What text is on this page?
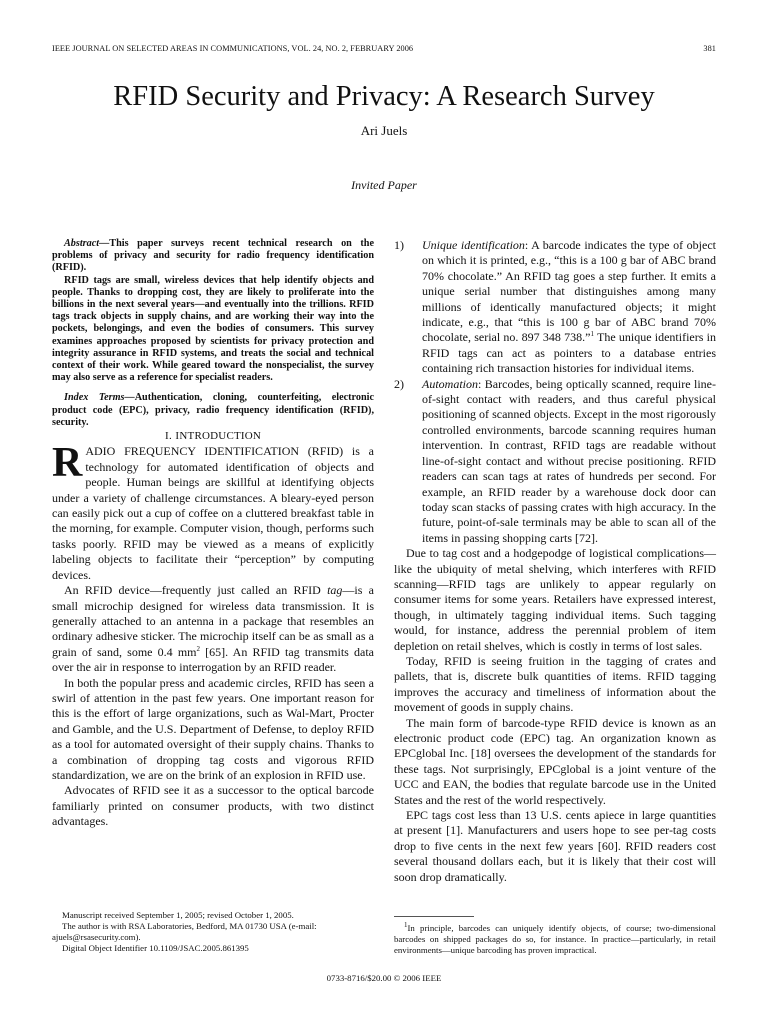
IEEE JOURNAL ON SELECTED AREAS IN COMMUNICATIONS, VOL. 24, NO. 2, FEBRUARY 2006	381
RFID Security and Privacy: A Research Survey
Ari Juels
Invited Paper

Abstract—This paper surveys recent technical research on the problems of privacy and security for radio frequency identification (RFID).

RFID tags are small, wireless devices that help identify objects and people. Thanks to dropping cost, they are likely to proliferate into the billions in the next several years—and eventually into the trillions. RFID tags track objects in supply chains, and are working their way into the pockets, belongings, and even the bodies of consumers. This survey examines approaches proposed by scientists for privacy protection and integrity assurance in RFID systems, and treats the social and technical context of their work. While geared toward the nonspecialist, the survey may also serve as a reference for specialist readers.

Index Terms—Authentication, cloning, counterfeiting, electronic product code (EPC), privacy, radio frequency identification (RFID), security.

I. INTRODUCTION

RADIO FREQUENCY IDENTIFICATION (RFID) is a technology for automated identification of objects and people. Human beings are skillful at identifying objects under a variety of challenge circumstances. A bleary-eyed person can easily pick out a cup of coffee on a cluttered breakfast table in the morning, for example. Computer vision, though, performs such tasks poorly. RFID may be viewed as a means of explicitly labeling objects to facilitate their “perception” by computing devices.

An RFID device—frequently just called an RFID tag—is a small microchip designed for wireless data transmission. It is generally attached to an antenna in a package that resembles an ordinary adhesive sticker. The microchip itself can be as small as a grain of sand, some 0.4 $mm^2$ [65]. An RFID tag transmits data over the air in response to interrogation by an RFID reader.

In both the popular press and academic circles, RFID has seen a swirl of attention in the past few years. One important reason for this is the effort of large organizations, such as Wal-Mart, Procter and Gamble, and the U.S. Department of Defense, to deploy RFID as a tool for automated oversight of their supply chains. Thanks to a combination of dropping tag costs and vigorous RFID standardization, we are on the brink of an explosion in RFID use.

Advocates of RFID see it as a successor to the optical barcode familiarly printed on consumer products, with two distinct advantages.

1) Unique identification: A barcode indicates the type of object on which it is printed, e.g., “this is a 100 g bar of ABC brand 70% chocolate.” An RFID tag goes a step further. It emits a unique serial number that distinguishes among many millions of identically manufactured objects; it might indicate, e.g., that “this is 100 g bar of ABC brand 70% chocolate, serial no. 897 348 738.”$^1$ The unique identifiers in RFID tags can act as pointers to a database entries containing rich transaction histories for individual items.

2) Automation: Barcodes, being optically scanned, require line-of-sight contact with readers, and thus careful physical positioning of scanned objects. Except in the most rigorously controlled environments, barcode scanning requires human intervention. In contrast, RFID tags are readable without line-of-sight contact and without precise positioning. RFID readers can scan tags at rates of hundreds per second. For example, an RFID reader by a warehouse dock door can today scan stacks of passing crates with high accuracy. In the future, point-of-sale terminals may be able to scan all of the items in passing shopping carts [72].

Due to tag cost and a hodgepodge of logistical complications—like the ubiquity of metal shelving, which interferes with RFID scanning—RFID tags are unlikely to appear regularly on consumer items for some years. Retailers have expressed interest, though, in ultimately tagging individual items. Such tagging would, for instance, address the perennial problem of item depletion on retail shelves, which is costly in terms of lost sales.

Today, RFID is seeing fruition in the tagging of crates and pallets, that is, discrete bulk quantities of items. RFID tagging improves the accuracy and timeliness of information about the movement of goods in supply chains.

The main form of barcode-type RFID device is known as an electronic product code (EPC) tag. An organization known as EPCglobal Inc. [18] oversees the development of the standards for these tags. Not surprisingly, EPCglobal is a joint venture of the UCC and EAN, the bodies that regulate barcode use in the United States and the rest of the world respectively.

EPC tags cost less than 13 U.S. cents apiece in large quantities at present [1]. Manufacturers and users hope to see per-tag costs drop to five cents in the next few years [60]. RFID readers cost several thousand dollars each, but it is likely that their cost will soon drop dramatically.

Manuscript received September 1, 2005; revised October 1, 2005.

The author is with RSA Laboratories, Bedford, MA 01730 USA (e-mail: ajuels@rsasecurity.com).

Digital Object Identifier 10.1109/JSAC.2005.861395

$^1$In principle, barcodes can uniquely identify objects, of course; two-dimensional barcodes on shipped packages do so, for instance. In practice—particularly, in retail environments—unique barcoding has proven impractical.

0733-8716/$20.00 © 2006 IEEE
